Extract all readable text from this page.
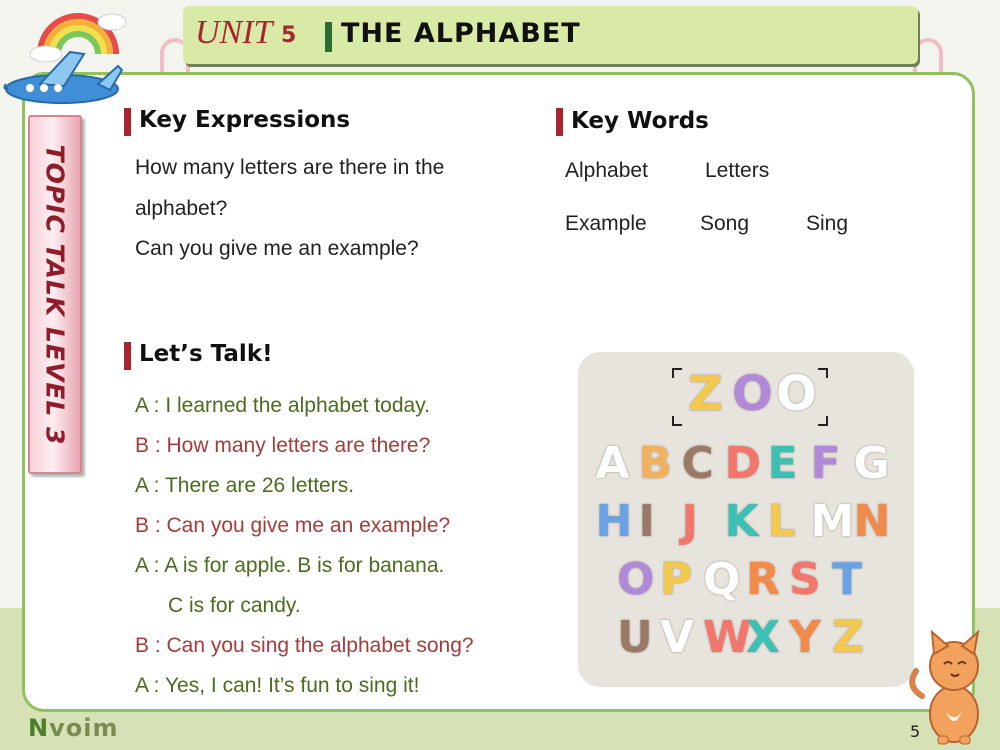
UNIT 5 THE ALPHABET
TOPIC TALK LEVEL 3
Key Expressions
How many letters are there in the
alphabet?
Can you give me an example?
Key Words
Alphabet	Letters
Example	Song	Sing
Let’s Talk!
A : I learned the alphabet today.
B : How many letters are there?
A : There are 26 letters.
B : Can you give me an example?
A : A is for apple. B is for banana.
C is for candy.
B : Can you sing the alphabet song?
A : Yes, I can! It’s fun to sing it!
Z O O
A B C D E F G
H I J K L M N
O P Q R S T
U V W
X Y Z
Nvoim	5
